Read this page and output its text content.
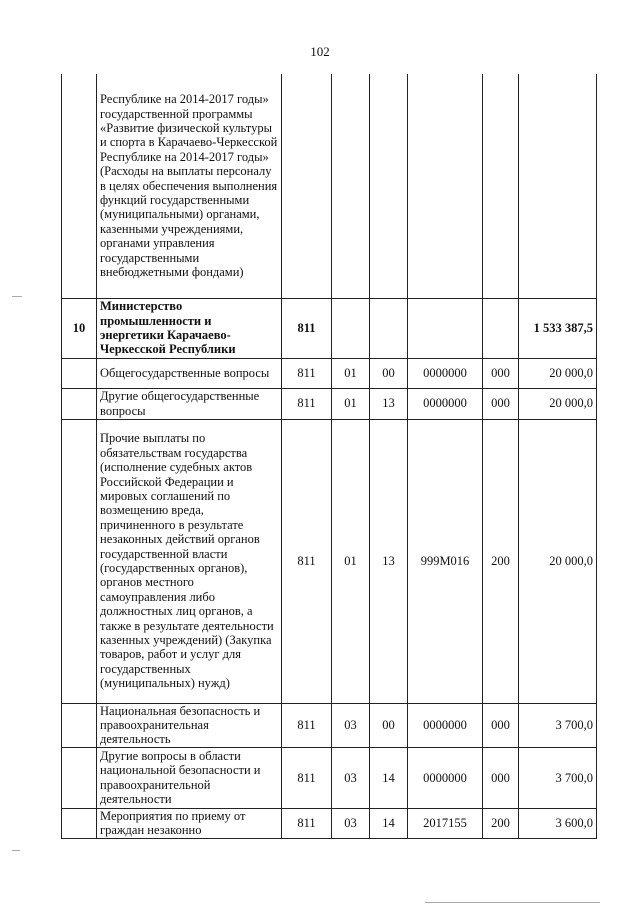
102
	Республике на 2014-2017 годы» государственной программы «Развитие физической культуры и спорта в Карачаево-Черкесской Республике на 2014-2017 годы» (Расходы на выплаты персоналу в целях обеспечения выполнения функций государственными (муниципальными) органами, казенными учреждениями, органами управления государственными внебюджетными фондами)						
10	Министерство промышленности и энергетики Карачаево-Черкесской Республики	811					1 533 387,5
	Общегосударственные вопросы	811	01	00	0000000	000	20 000,0
	Другие общегосударственные вопросы	811	01	13	0000000	000	20 000,0
	Прочие выплаты по обязательствам государства (исполнение судебных актов Российской Федерации и мировых соглашений по возмещению вреда, причиненного в результате незаконных действий органов государственной власти (государственных органов), органов местного самоуправления либо должностных лиц органов, а также в результате деятельности казенных учреждений) (Закупка товаров, работ и услуг для государственных (муниципальных) нужд)	811	01	13	999М016	200	20 000,0
	Национальная безопасность и правоохранительная деятельность	811	03	00	0000000	000	3 700,0
	Другие вопросы в области национальной безопасности и правоохранительной деятельности	811	03	14	0000000	000	3 700,0
	Мероприятия по приему от граждан незаконно	811	03	14	2017155	200	3 600,0
